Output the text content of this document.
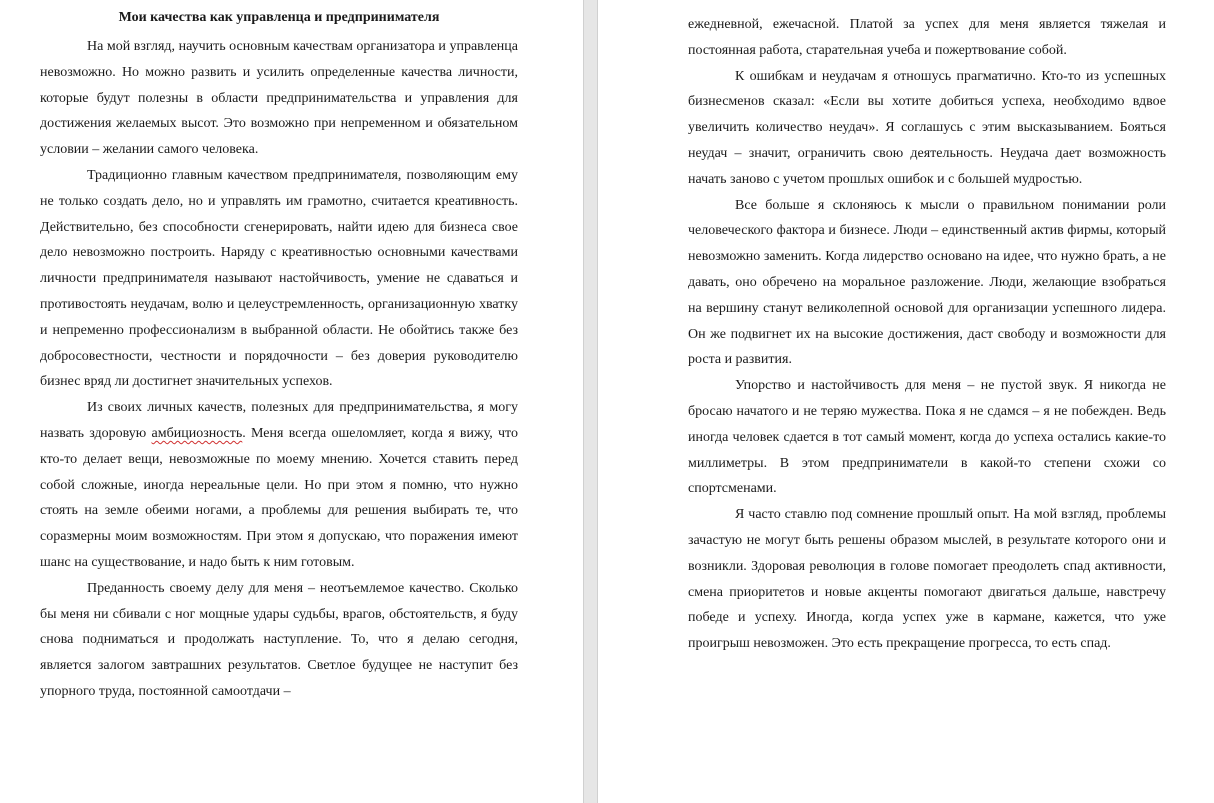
Мои качества как управленца и предпринимателя

На мой взгляд, научить основным качествам организатора и управленца невозможно. Но можно развить и усилить определенные качества личности, которые будут полезны в области предпринимательства и управления для достижения желаемых высот. Это возможно при непременном и обязательном условии – желании самого человека.

Традиционно главным качеством предпринимателя, позволяющим ему не только создать дело, но и управлять им грамотно, считается креативность. Действительно, без способности сгенерировать, найти идею для бизнеса свое дело невозможно построить. Наряду с креативностью основными качествами личности предпринимателя называют настойчивость, умение не сдаваться и противостоять неудачам, волю и целеустремленность, организационную хватку и непременно профессионализм в выбранной области. Не обойтись также без добросовестности, честности и порядочности – без доверия руководителю бизнес вряд ли достигнет значительных успехов.

Из своих личных качеств, полезных для предпринимательства, я могу назвать здоровую амбициозность. Меня всегда ошеломляет, когда я вижу, что кто-то делает вещи, невозможные по моему мнению. Хочется ставить перед собой сложные, иногда нереальные цели. Но при этом я помню, что нужно стоять на земле обеими ногами, а проблемы для решения выбирать те, что соразмерны моим возможностям. При этом я допускаю, что поражения имеют шанс на существование, и надо быть к ним готовым.

Преданность своему делу для меня – неотъемлемое качество. Сколько бы меня ни сбивали с ног мощные удары судьбы, врагов, обстоятельств, я буду снова подниматься и продолжать наступление. То, что я делаю сегодня, является залогом завтрашних результатов. Светлое будущее не наступит без упорного труда, постоянной самоотдачи –

ежедневной, ежечасной. Платой за успех для меня является тяжелая и постоянная работа, старательная учеба и пожертвование собой.

К ошибкам и неудачам я отношусь прагматично. Кто-то из успешных бизнесменов сказал: «Если вы хотите добиться успеха, необходимо вдвое увеличить количество неудач». Я соглашусь с этим высказыванием. Бояться неудач – значит, ограничить свою деятельность. Неудача дает возможность начать заново с учетом прошлых ошибок и с большей мудростью.

Все больше я склоняюсь к мысли о правильном понимании роли человеческого фактора и бизнесе. Люди – единственный актив фирмы, который невозможно заменить. Когда лидерство основано на идее, что нужно брать, а не давать, оно обречено на моральное разложение. Люди, желающие взобраться на вершину станут великолепной основой для организации успешного лидера. Он же подвигнет их на высокие достижения, даст свободу и возможности для роста и развития.

Упорство и настойчивость для меня – не пустой звук. Я никогда не бросаю начатого и не теряю мужества. Пока я не сдамся – я не побежден. Ведь иногда человек сдается в тот самый момент, когда до успеха остались какие-то миллиметры. В этом предприниматели в какой-то степени схожи со спортсменами.

Я часто ставлю под сомнение прошлый опыт. На мой взгляд, проблемы зачастую не могут быть решены образом мыслей, в результате которого они и возникли. Здоровая революция в голове помогает преодолеть спад активности, смена приоритетов и новые акценты помогают двигаться дальше, навстречу победе и успеху. Иногда, когда успех уже в кармане, кажется, что уже проигрыш невозможен. Это есть прекращение прогресса, то есть спад.
